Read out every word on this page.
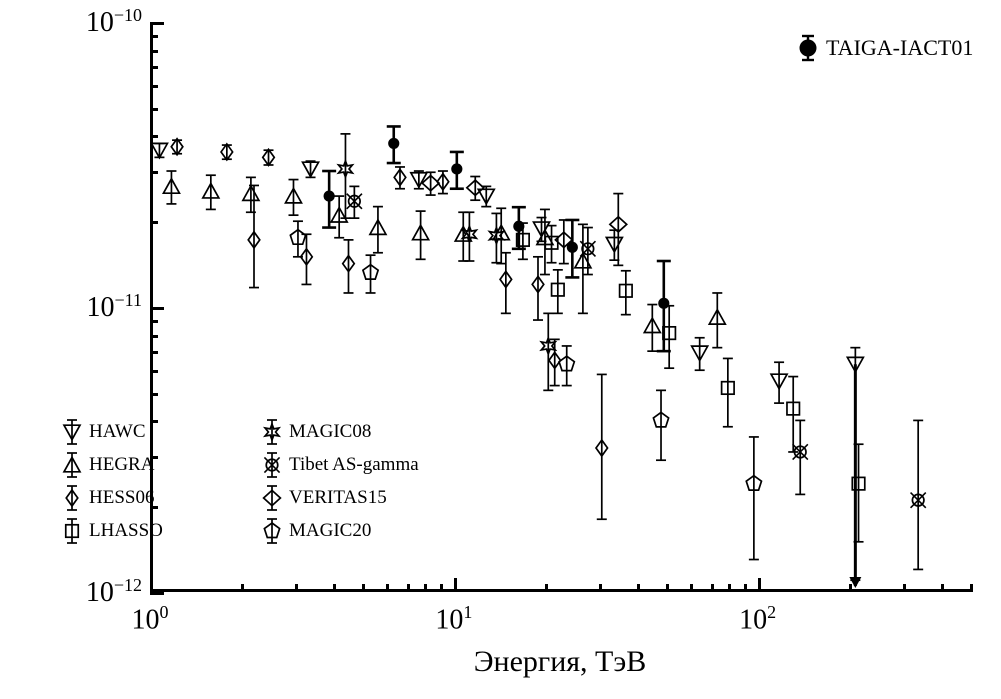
Энергия, ТэВ
$10^0$	$10^1$	$10^2$
$10^{-12}$
$10^{-11}$
$10^{-10}$
TAIGA-IACT01
HAWC
HEGRA
HESS06
LHASSO
MAGIC08
Tibet AS-gamma
VERITAS15
MAGIC20
